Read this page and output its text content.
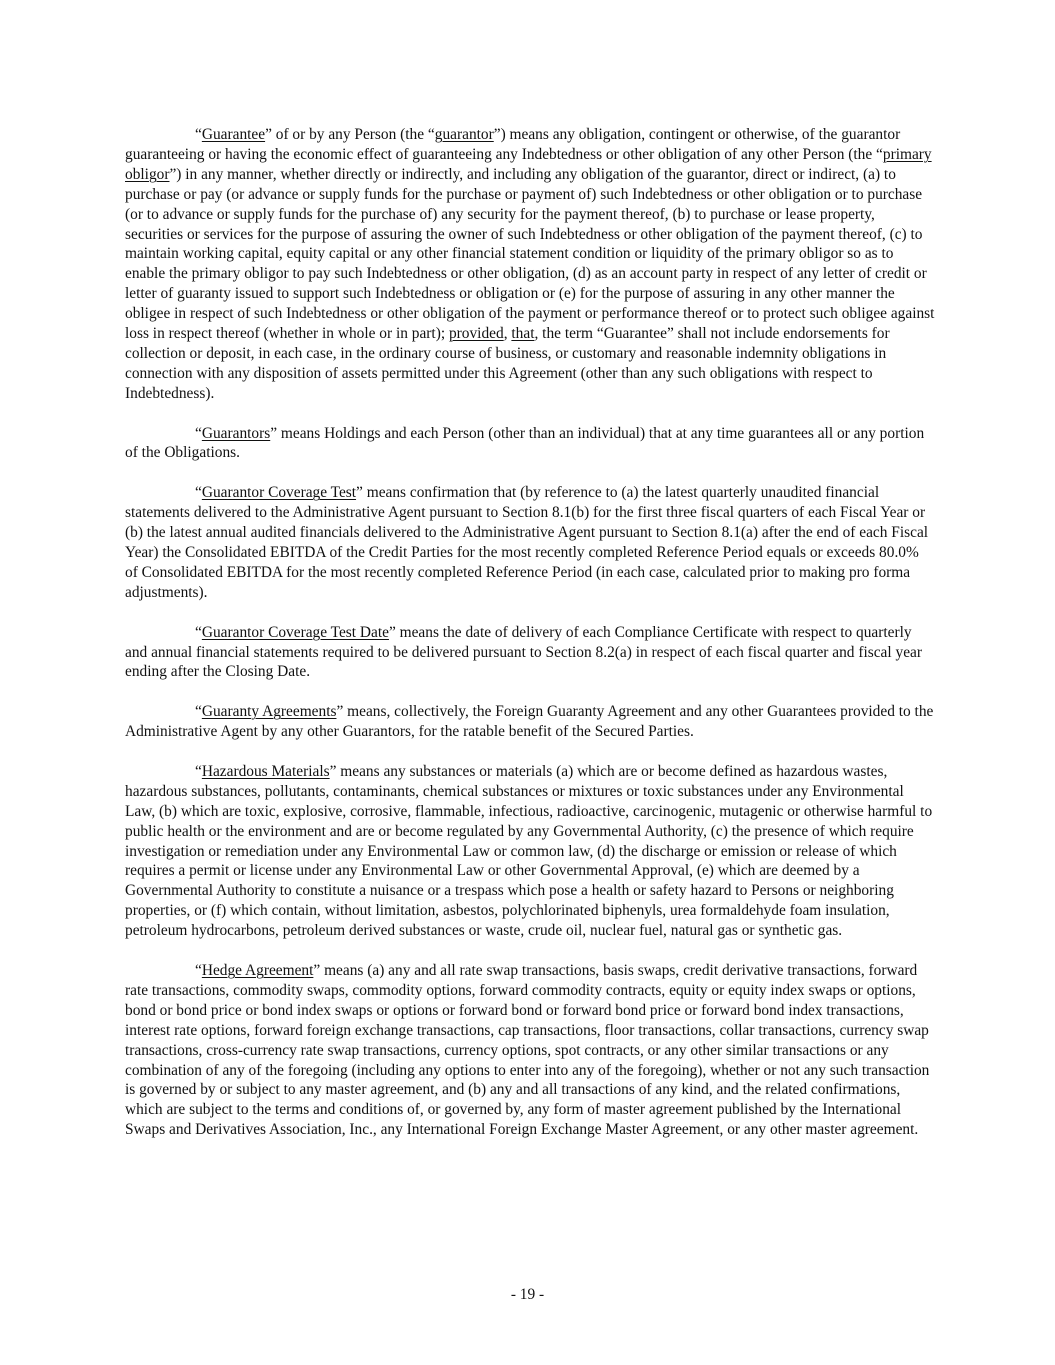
“Guarantee” of or by any Person (the “guarantor”) means any obligation, contingent or otherwise, of the guarantor guaranteeing or having the economic effect of guaranteeing any Indebtedness or other obligation of any other Person (the “primary obligor”) in any manner, whether directly or indirectly, and including any obligation of the guarantor, direct or indirect, (a) to purchase or pay (or advance or supply funds for the purchase or payment of) such Indebtedness or other obligation or to purchase (or to advance or supply funds for the purchase of) any security for the payment thereof, (b) to purchase or lease property, securities or services for the purpose of assuring the owner of such Indebtedness or other obligation of the payment thereof, (c) to maintain working capital, equity capital or any other financial statement condition or liquidity of the primary obligor so as to enable the primary obligor to pay such Indebtedness or other obligation, (d) as an account party in respect of any letter of credit or letter of guaranty issued to support such Indebtedness or obligation or (e) for the purpose of assuring in any other manner the obligee in respect of such Indebtedness or other obligation of the payment or performance thereof or to protect such obligee against loss in respect thereof (whether in whole or in part); provided, that, the term “Guarantee” shall not include endorsements for collection or deposit, in each case, in the ordinary course of business, or customary and reasonable indemnity obligations in connection with any disposition of assets permitted under this Agreement (other than any such obligations with respect to Indebtedness).

“Guarantors” means Holdings and each Person (other than an individual) that at any time guarantees all or any portion of the Obligations.

“Guarantor Coverage Test” means confirmation that (by reference to (a) the latest quarterly unaudited financial statements delivered to the Administrative Agent pursuant to Section 8.1(b) for the first three fiscal quarters of each Fiscal Year or (b) the latest annual audited financials delivered to the Administrative Agent pursuant to Section 8.1(a) after the end of each Fiscal Year) the Consolidated EBITDA of the Credit Parties for the most recently completed Reference Period equals or exceeds 80.0% of Consolidated EBITDA for the most recently completed Reference Period (in each case, calculated prior to making pro forma adjustments).

“Guarantor Coverage Test Date” means the date of delivery of each Compliance Certificate with respect to quarterly and annual financial statements required to be delivered pursuant to Section 8.2(a) in respect of each fiscal quarter and fiscal year ending after the Closing Date.

“Guaranty Agreements” means, collectively, the Foreign Guaranty Agreement and any other Guarantees provided to the Administrative Agent by any other Guarantors, for the ratable benefit of the Secured Parties.

“Hazardous Materials” means any substances or materials (a) which are or become defined as hazardous wastes, hazardous substances, pollutants, contaminants, chemical substances or mixtures or toxic substances under any Environmental Law, (b) which are toxic, explosive, corrosive, flammable, infectious, radioactive, carcinogenic, mutagenic or otherwise harmful to public health or the environment and are or become regulated by any Governmental Authority, (c) the presence of which require investigation or remediation under any Environmental Law or common law, (d) the discharge or emission or release of which requires a permit or license under any Environmental Law or other Governmental Approval, (e) which are deemed by a Governmental Authority to constitute a nuisance or a trespass which pose a health or safety hazard to Persons or neighboring properties, or (f) which contain, without limitation, asbestos, polychlorinated biphenyls, urea formaldehyde foam insulation, petroleum hydrocarbons, petroleum derived substances or waste, crude oil, nuclear fuel, natural gas or synthetic gas.

“Hedge Agreement” means (a) any and all rate swap transactions, basis swaps, credit derivative transactions, forward rate transactions, commodity swaps, commodity options, forward commodity contracts, equity or equity index swaps or options, bond or bond price or bond index swaps or options or forward bond or forward bond price or forward bond index transactions, interest rate options, forward foreign exchange transactions, cap transactions, floor transactions, collar transactions, currency swap transactions, cross-currency rate swap transactions, currency options, spot contracts, or any other similar transactions or any combination of any of the foregoing (including any options to enter into any of the foregoing), whether or not any such transaction is governed by or subject to any master agreement, and (b) any and all transactions of any kind, and the related confirmations, which are subject to the terms and conditions of, or governed by, any form of master agreement published by the International Swaps and Derivatives Association, Inc., any International Foreign Exchange Master Agreement, or any other master agreement.

- 19 -
